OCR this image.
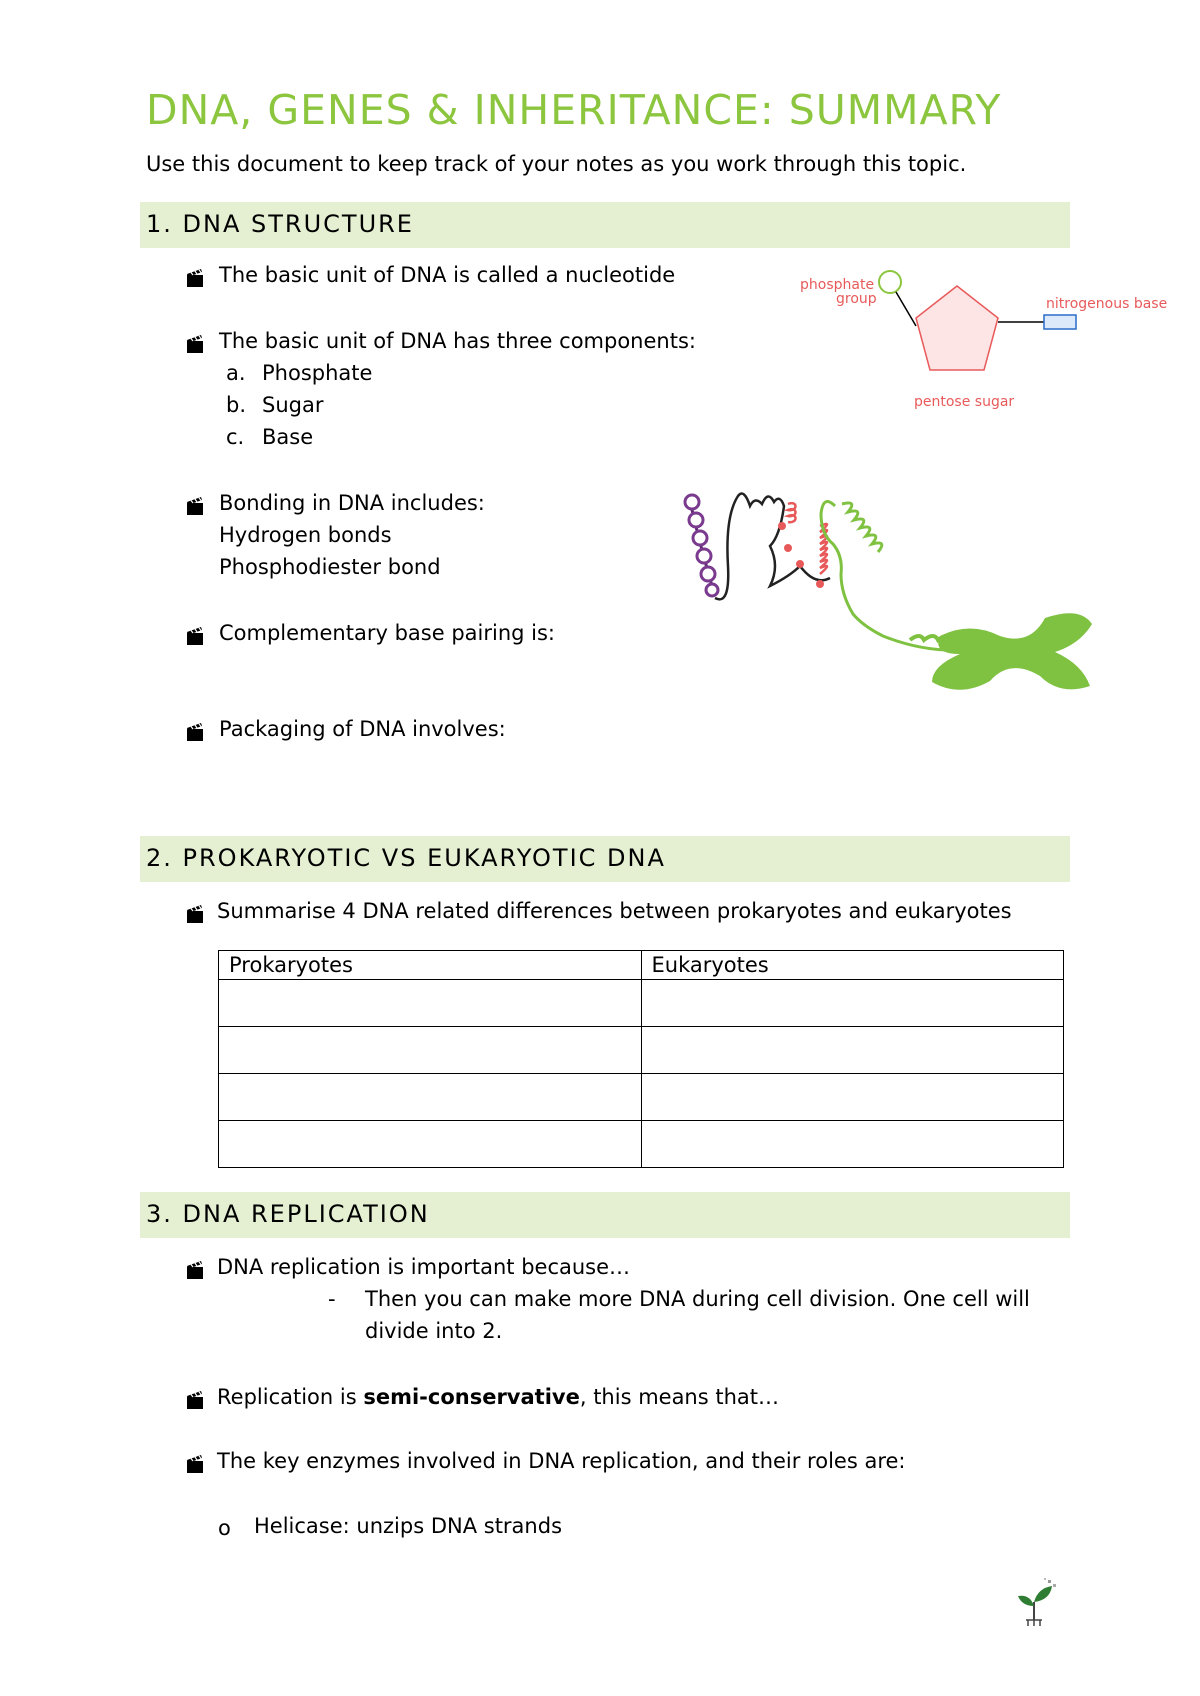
DNA, GENES & INHERITANCE: SUMMARY
Use this document to keep track of your notes as you work through this topic.
1. DNA STRUCTURE
The basic unit of DNA is called a nucleotide
The basic unit of DNA has three components:
a. Phosphate
b. Sugar
c. Base
Bonding in DNA includes:
Hydrogen bonds
Phosphodiester bond
Complementary base pairing is:
Packaging of DNA involves:
phosphate
group	nitrogenous base
pentose sugar
2. PROKARYOTIC VS EUKARYOTIC DNA
Summarise 4 DNA related differences between prokaryotes and eukaryotes
Prokaryotes	Eukaryotes

3. DNA REPLICATION
DNA replication is important because…
- Then you can make more DNA during cell division. One cell will
divide into 2.
Replication is semi-conservative, this means that…
The key enzymes involved in DNA replication, and their roles are:
o Helicase: unzips DNA strands
